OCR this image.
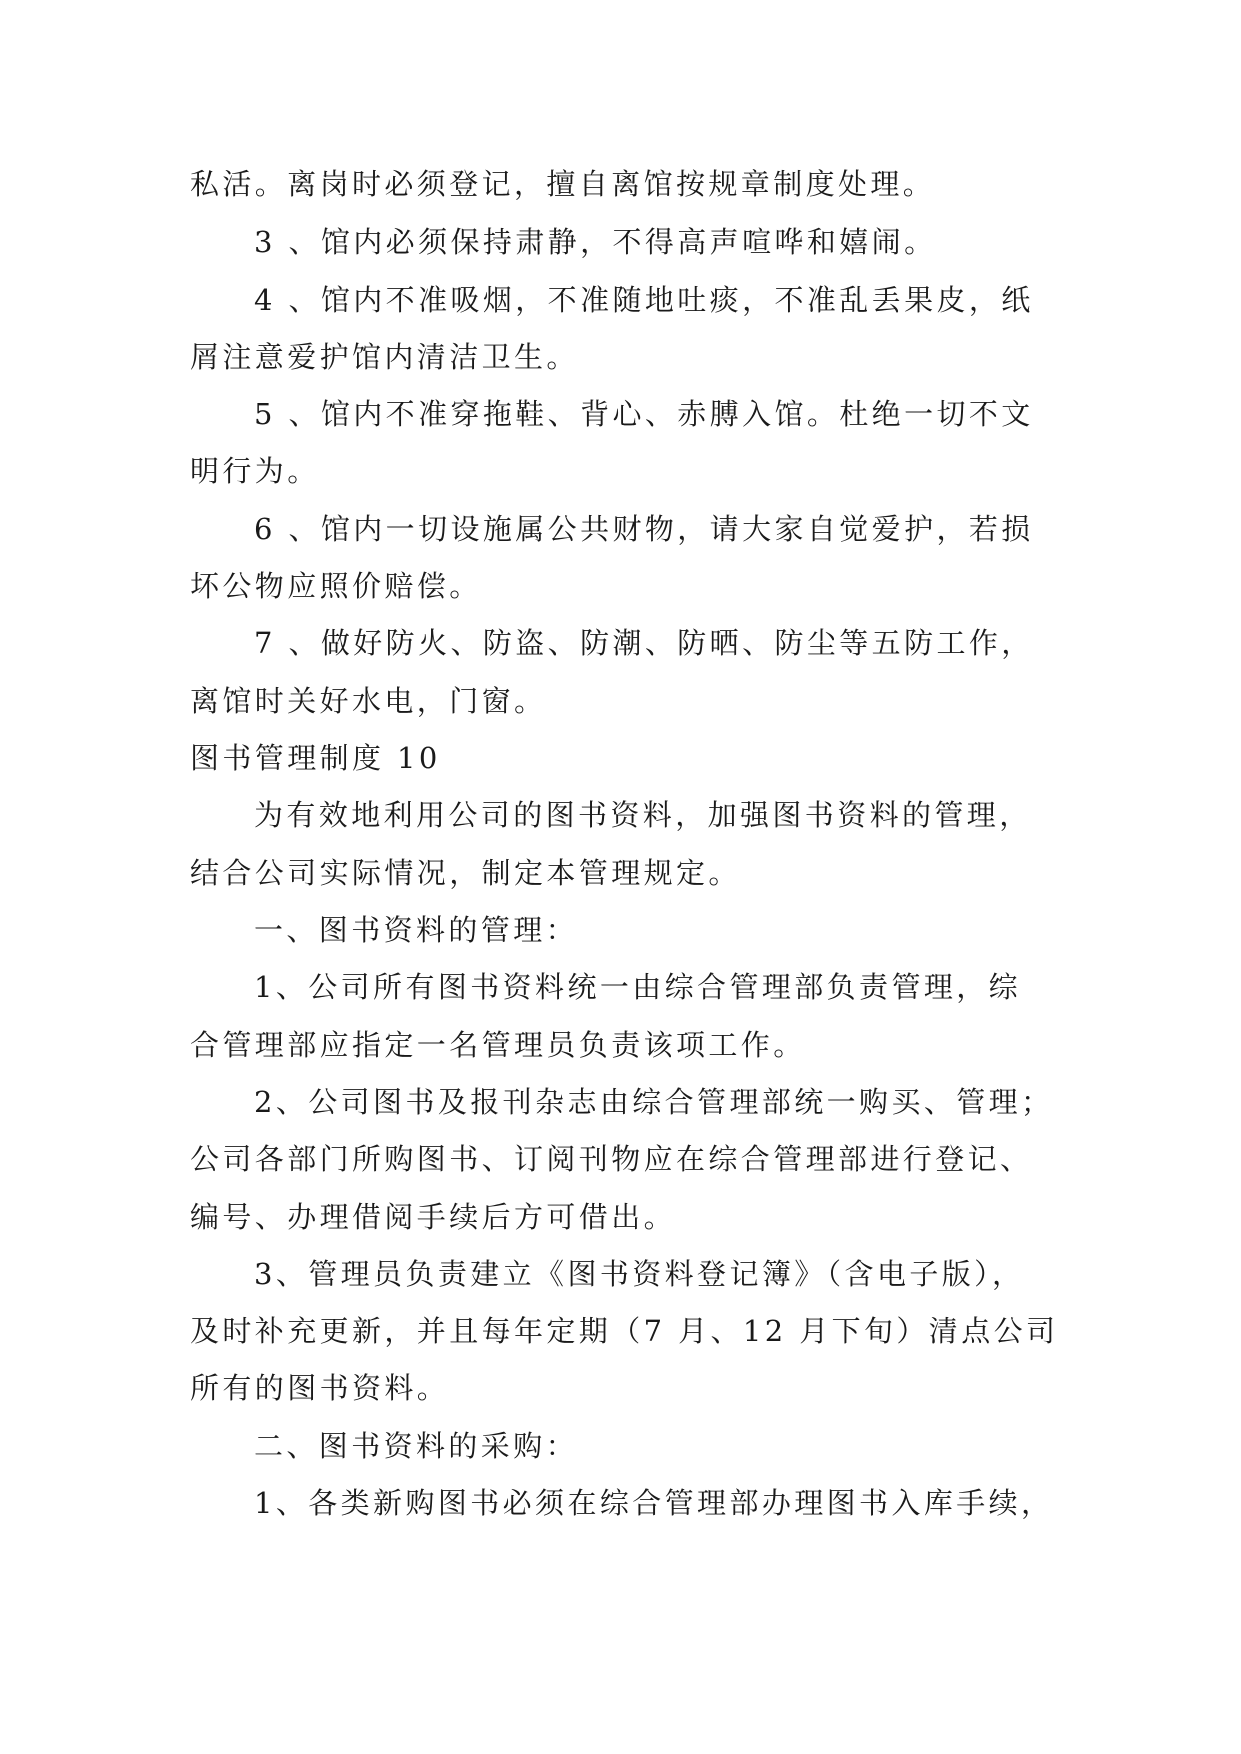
私活。离岗时必须登记，擅自离馆按规章制度处理。
3 、馆内必须保持肃静，不得高声喧哗和嬉闹。
4 、馆内不准吸烟，不准随地吐痰，不准乱丢果皮，纸
屑注意爱护馆内清洁卫生。
5 、馆内不准穿拖鞋、背心、赤膊入馆。杜绝一切不文
明行为。
6 、馆内一切设施属公共财物，请大家自觉爱护，若损
坏公物应照价赔偿。
7 、做好防火、防盗、防潮、防晒、防尘等五防工作，
离馆时关好水电，门窗。
图书管理制度 10
为有效地利用公司的图书资料，加强图书资料的管理，
结合公司实际情况，制定本管理规定。
一、图书资料的管理：
1、公司所有图书资料统一由综合管理部负责管理，综
合管理部应指定一名管理员负责该项工作。
2、公司图书及报刊杂志由综合管理部统一购买、管理；
公司各部门所购图书、订阅刊物应在综合管理部进行登记、
编号、办理借阅手续后方可借出。
3、管理员负责建立《图书资料登记簿》（含电子版），
及时补充更新，并且每年定期（7 月、12 月下旬）清点公司
所有的图书资料。
二、图书资料的采购：
1、各类新购图书必须在综合管理部办理图书入库手续，
